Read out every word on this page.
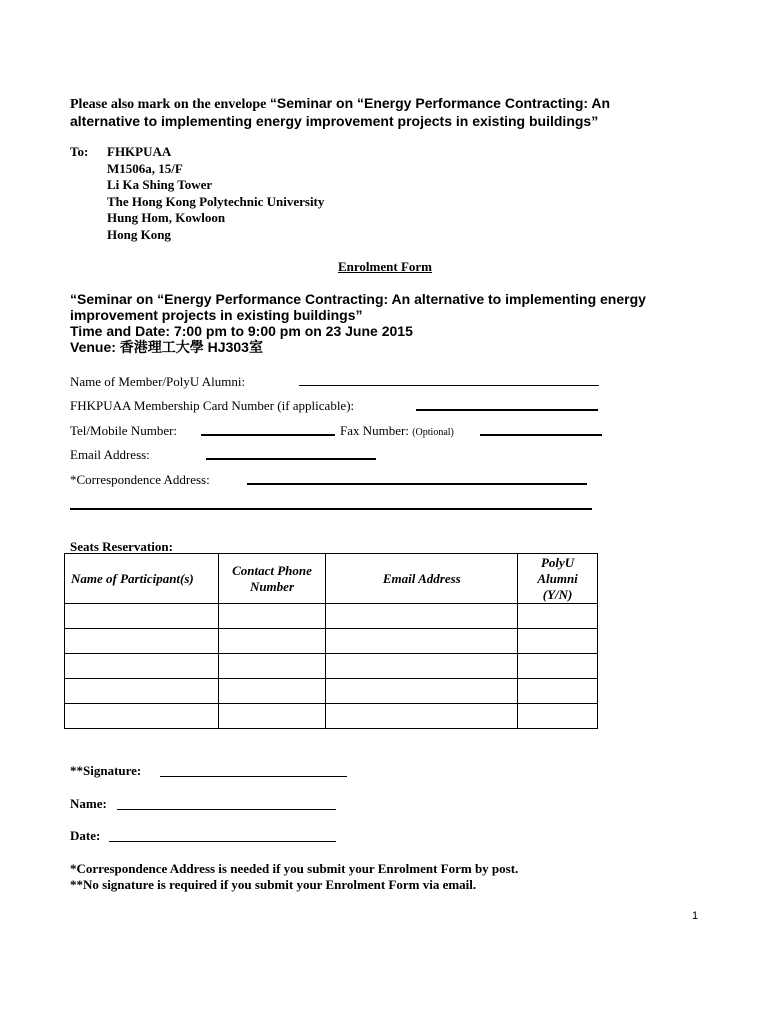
Please also mark on the envelope “Seminar on “Energy Performance Contracting: An
alternative to implementing energy improvement projects in existing buildings”
To: FHKPUAA
M1506a, 15/F
Li Ka Shing Tower
The Hong Kong Polytechnic University
Hung Hom, Kowloon
Hong Kong
Enrolment Form
“Seminar on “Energy Performance Contracting: An alternative to implementing energy
improvement projects in existing buildings”
Time and Date: 7:00 pm to 9:00 pm on 23 June 2015
Venue: 香港理工大學 HJ303室
Name of Member/PolyU Alumni:
FHKPUAA Membership Card Number (if applicable):
Tel/Mobile Number:	Fax Number: (Optional)
Email Address:
*Correspondence Address:
Seats Reservation:
Name of Participant(s)	Contact Phone Number	Email Address	PolyU Alumni (Y/N)

**Signature:
Name:
Date:
*Correspondence Address is needed if you submit your Enrolment Form by post.
**No signature is required if you submit your Enrolment Form via email.
1
